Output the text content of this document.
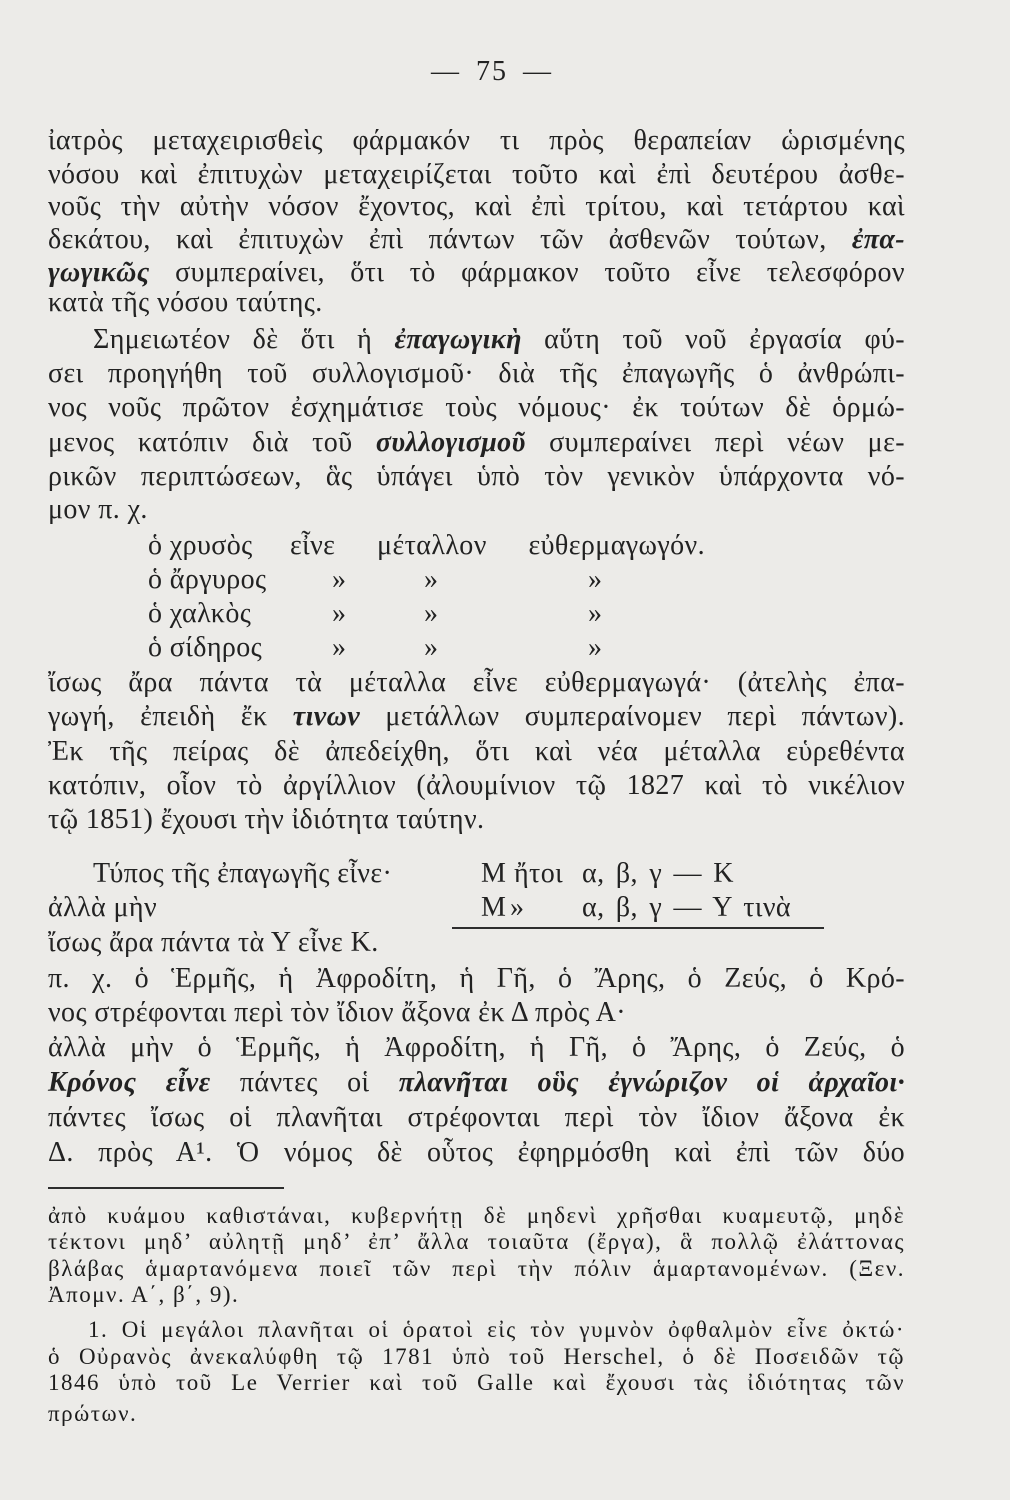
— 75 —
ἰατρὸς μεταχειρισθεὶς φάρμακόν τι πρὸς θεραπείαν ὡρισμένης
νόσου καὶ ἐπιτυχὼν μεταχειρίζεται τοῦτο καὶ ἐπὶ δευτέρου ἀσθε-
νοῦς τὴν αὐτὴν νόσον ἔχοντος, καὶ ἐπὶ τρίτου, καὶ τετάρτου καὶ
δεκάτου, καὶ ἐπιτυχὼν ἐπὶ πάντων τῶν ἀσθενῶν τούτων, ἐπα-
γωγικῶς συμπεραίνει, ὅτι τὸ φάρμακον τοῦτο εἶνε τελεσφόρον
κατὰ τῆς νόσου ταύτης.
Σημειωτέον δὲ ὅτι ἡ ἐπαγωγικὴ αὕτη τοῦ νοῦ ἐργασία φύ-
σει προηγήθη τοῦ συλλογισμοῦ· διὰ τῆς ἐπαγωγῆς ὁ ἀνθρώπι-
νος νοῦς πρῶτον ἐσχημάτισε τοὺς νόμους· ἐκ τούτων δὲ ὁρμώ-
μενος κατόπιν διὰ τοῦ συλλογισμοῦ συμπεραίνει περὶ νέων με-
ρικῶν περιπτώσεων, ἃς ὑπάγει ὑπὸ τὸν γενικὸν ὑπάρχοντα νό-
μον π. χ.
ὁ χρυσὸς εἶνε μέταλλον εὐθερμαγωγόν.
ὁ ἄργυρος »	»	»
ὁ χαλκὸς	»	»	»
ὁ σίδηρος »	»	»
ἴσως ἄρα πάντα τὰ μέταλλα εἶνε εὐθερμαγωγά· (ἀτελὴς ἐπα-
γωγή, ἐπειδὴ ἔκ τινων μετάλλων συμπεραίνομεν περὶ πάντων).
Ἐκ τῆς πείρας δὲ ἀπεδείχθη, ὅτι καὶ νέα μέταλλα εὑρεθέντα
κατόπιν, οἷον τὸ ἀργίλλιον (ἀλουμίνιον τῷ 1827 καὶ τὸ νικέλιον
τῷ 1851) ἔχουσι τὴν ἰδιότητα ταύτην.
Τύπος τῆς ἐπαγωγῆς εἶνε·	Μ ἤτοι α, β, γ — Κ
ἀλλὰ μὴν	Μ » α, β, γ — Υ τινὰ
ἴσως ἄρα πάντα τὰ Υ εἶνε Κ.
π. χ. ὁ Ἑρμῆς, ἡ Ἀφροδίτη, ἡ Γῆ, ὁ Ἄρης, ὁ Ζεύς, ὁ Κρό-
νος στρέφονται περὶ τὸν ἴδιον ἄξονα ἐκ Δ πρὸς Α·
ἀλλὰ μὴν ὁ Ἑρμῆς, ἡ Ἀφροδίτη, ἡ Γῆ, ὁ Ἄρης, ὁ Ζεύς, ὁ
Κρόνος εἶνε πάντες οἱ πλανῆται οὓς ἐγνώριζον οἱ ἀρχαῖοι·
πάντες ἴσως οἱ πλανῆται στρέφονται περὶ τὸν ἴδιον ἄξονα ἐκ
Δ. πρὸς Α¹. Ὁ νόμος δὲ οὗτος ἐφηρμόσθη καὶ ἐπὶ τῶν δύο
ἀπὸ κυάμου καθιστάναι, κυβερνήτῃ δὲ μηδενὶ χρῆσθαι κυαμευτῷ, μηδὲ
τέκτονι μηδ’ αὐλητῇ μηδ’ ἐπ’ ἄλλα τοιαῦτα (ἔργα), ἃ πολλῷ ἐλάττονας
βλάβας ἁμαρτανόμενα ποιεῖ τῶν περὶ τὴν πόλιν ἁμαρτανομένων. (Ξεν.
Ἀπομν. Α΄, β΄, 9).
1. Οἱ μεγάλοι πλανῆται οἱ ὁρατοὶ εἰς τὸν γυμνὸν ὀφθαλμὸν εἶνε ὀκτώ·
ὁ Οὐρανὸς ἀνεκαλύφθη τῷ 1781 ὑπὸ τοῦ Herschel, ὁ δὲ Ποσειδῶν τῷ
1846 ὑπὸ τοῦ Le Verrier καὶ τοῦ Galle καὶ ἔχουσι τὰς ἰδιότητας τῶν
πρώτων.
